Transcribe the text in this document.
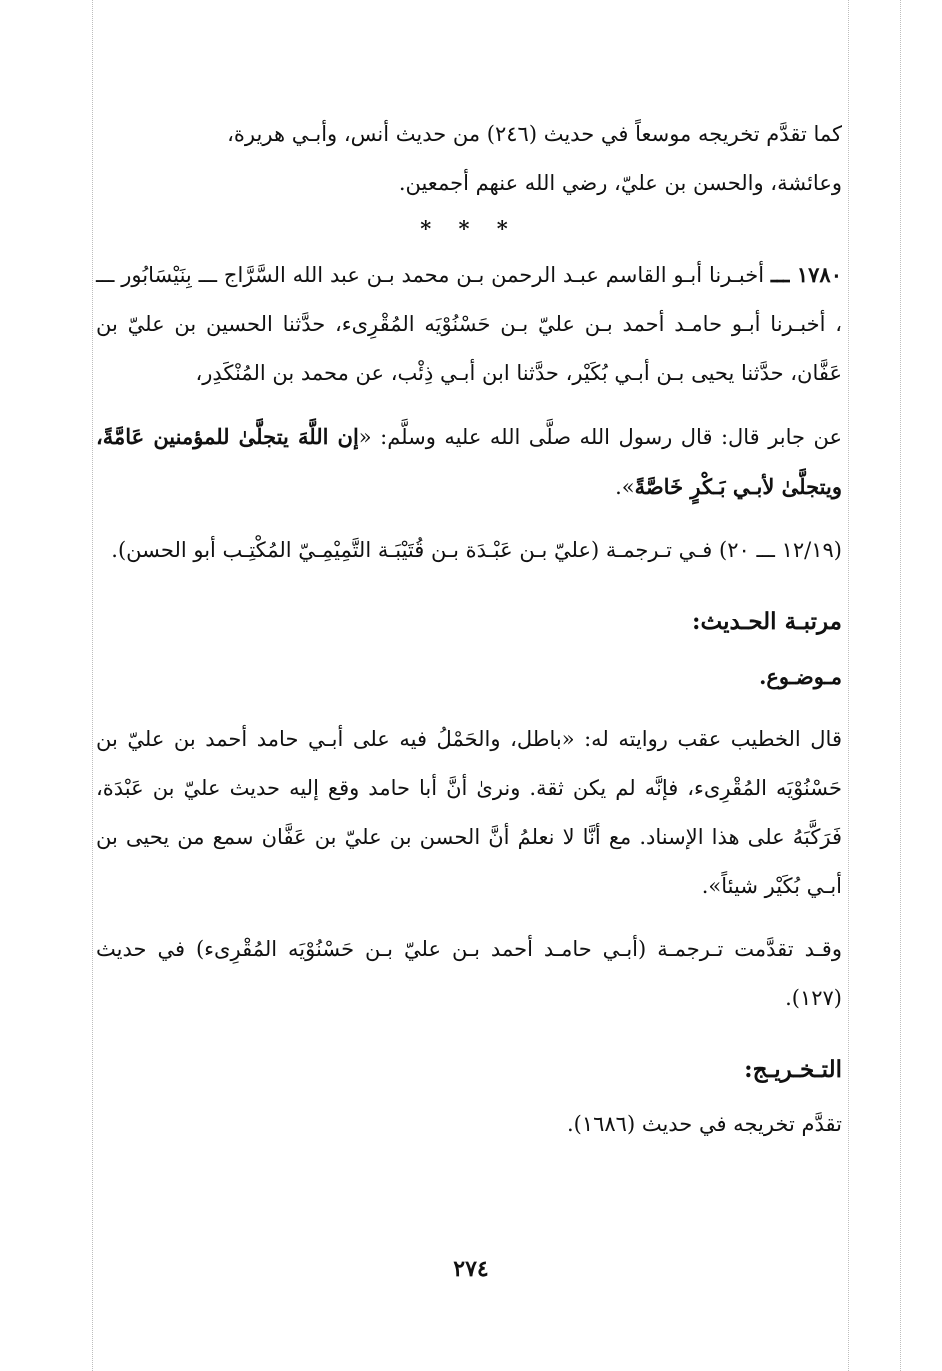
كما تقدَّم تخريجه موسعاً في حديث (٢٤٦) من حديث أنس، وأبـي هريرة،

وعائشة، والحسن بن عليّ، رضي الله عنهم أجمعين.

* * *

١٧٨٠ ـــ أخبـرنا أبـو القاسم عبـد الرحمن بـن محمد بـن عبد الله السَّرَّاج ـــ بِنَيْسَابُور ـــ ، أخبـرنا أبـو حامـد أحمد بـن عليّ بـن حَسْنُوْيَه المُقْرِىء، حدَّثنا الحسين بن عليّ بن عَفَّان، حدَّثنا يحيى بـن أبـي بُكَيْر، حدَّثنا ابن أبـي ذِئْب، عن محمد بن المُنْكَدِر،

عن جابر قال: قال رسول الله صلَّى الله عليه وسلَّم: «إن اللَّهَ يتجلَّىٰ للمؤمنين عَامَّةً، ويتجلَّىٰ لأبـي بَـكْرٍ خَاصَّةً».

(١٢/١٩ ـــ ٢٠) فـي تـرجمـة (عليّ بـن عَبْـدَة بـن قُتَيْبَـة التَّمِيْمِـيّ المُكْتِـب أبو الحسن).

مرتبـة الحـديث:

مـوضـوع.

قال الخطيب عقب روايته له: «باطل، والحَمْلُ فيه على أبـي حامد أحمد بن عليّ بن حَسْنُوْيَه المُقْرِىء، فإنَّه لم يكن ثقة. ونرىٰ أنَّ أبا حامد وقع إليه حديث عليّ بن عَبْدَة، فَرَكَّبَهُ على هذا الإسناد. مع أنَّا لا نعلمُ أنَّ الحسن بن عليّ بن عَفَّان سمع من يحيى بن أبـي بُكَيْر شيئاً».

وقـد تقدَّمت تـرجمـة (أبـي حامـد أحمد بـن عليّ بـن حَسْنُوْيَه المُقْرِىء) في حديث (١٢٧).

التـخـريـج:

تقدَّم تخريجه في حديث (١٦٨٦).

٢٧٤
